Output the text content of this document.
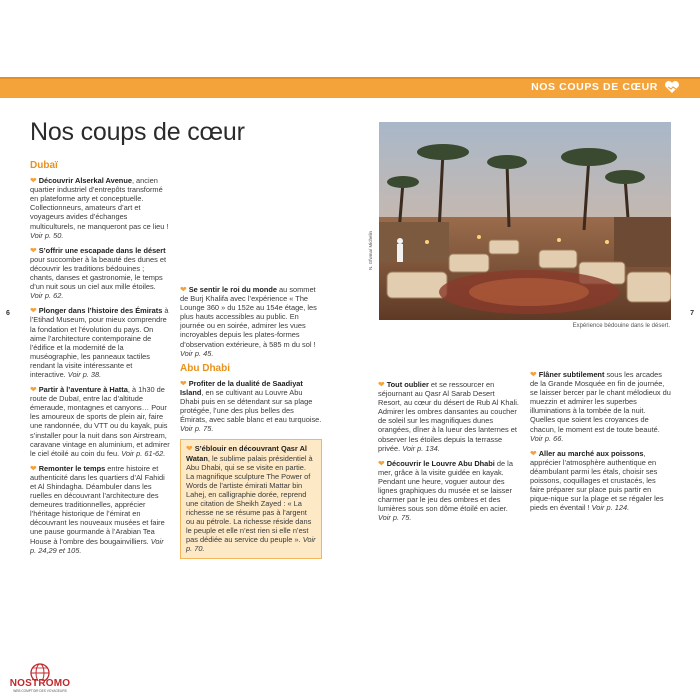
NOS COUPS DE CŒUR
Nos coups de cœur
6	7
Dubaï

❤ Découvrir Alserkal Avenue, ancien quartier industriel d’entrepôts transformé en plateforme arty et conceptuelle. Collectionneurs, amateurs d’art et voyageurs avides d’échanges multiculturels, ne manqueront pas ce lieu ! Voir p. 50.

❤ S’offrir une escapade dans le désert pour succomber à la beauté des dunes et découvrir les traditions bédouines ; chants, danses et gastronomie, le temps d’un nuit sous un ciel aux mille étoiles. Voir p. 62.

❤ Plonger dans l’histoire des Émirats à l’Etihad Museum, pour mieux comprendre la fondation et l’évolution du pays. On aime l’architecture contemporaine de l’édifice et la modernité de la muséographie, les panneaux tactiles rendant la visite intéressante et interactive. Voir p. 38.

❤ Partir à l’aventure à Hatta, à 1h30 de route de Dubaï, entre lac d’altitude émeraude, montagnes et canyons… Pour les amoureux de sports de plein air, faire une randonnée, du VTT ou du kayak, puis s’installer pour la nuit dans son Airstream, caravane vintage en aluminium, et admirer le ciel étoilé au coin du feu. Voir p. 61-62.

❤ Remonter le temps entre histoire et authenticité dans les quartiers d’Al Fahidi et Al Shindagha. Déambuler dans les ruelles en découvrant l’architecture des demeures traditionnelles, apprécier l’héritage historique de l’émirat en découvrant les nouveaux musées et faire une pause gourmande à l’Arabian Tea House à l’ombre des bougainvilliers. Voir p. 24,29 et 105.

❤ Se sentir le roi du monde au sommet de Burj Khalifa avec l’expérience « The Lounge 360 » du 152e au 154e étage, les plus hauts accessibles au public. En journée ou en soirée, admirer les vues incroyables depuis les plates-formes d’observation extérieure, à 585 m du sol ! Voir p. 45.

Abu Dhabi

❤ Profiter de la dualité de Saadiyat Island, en se cultivant au Louvre Abu Dhabi puis en se détendant sur sa plage protégée, l’une des plus belles des Émirats, avec sable blanc et eau turquoise. Voir p. 75.

❤ S’éblouir en découvrant Qasr Al Watan, le sublime palais présidentiel à Abu Dhabi, qui se se visite en partie. La magnifique sculpture The Power of Words de l’artiste émirati Mattar bin Lahej, en calligraphie dorée, reprend une citation de Sheikh Zayed : « La richesse ne se résume pas à l’argent ou au pétrole. La richesse réside dans le peuple et elle n’est rien si elle n’est pas dédiée au service du peuple ». Voir p. 70.
N. Gfwma/ Michelin
Expérience bédouine dans le désert.

❤ Tout oublier et se ressourcer en séjournant au Qasr Al Sarab Desert Resort, au cœur du désert de Rub Al Khali. Admirer les ombres dansantes au coucher de soleil sur les magnifiques dunes orangées, dîner à la lueur des lanternes et observer les étoiles depuis la terrasse privée. Voir p. 134.

❤ Découvrir le Louvre Abu Dhabi de la mer, grâce à la visite guidée en kayak. Pendant une heure, voguer autour des lignes graphiques du musée et se laisser charmer par le jeu des ombres et des lumières sous son dôme étoilé en acier. Voir p. 75.

❤ Flâner subtilement sous les arcades de la Grande Mosquée en fin de journée, se laisser bercer par le chant mélodieux du muezzin et admirer les superbes illuminations à la tombée de la nuit. Quelles que soient les croyances de chacun, le moment est de toute beauté. Voir p. 66.

❤ Aller au marché aux poissons, apprécier l’atmosphère authentique en déambulant parmi les étals, choisir ses poissons, coquillages et crustacés, les faire préparer sur place puis partir en pique-nique sur la plage et se régaler les pieds en éventail ! Voir p. 124.

NOSTROMO
WEB COMPTOIR DES VOYAGEURS
